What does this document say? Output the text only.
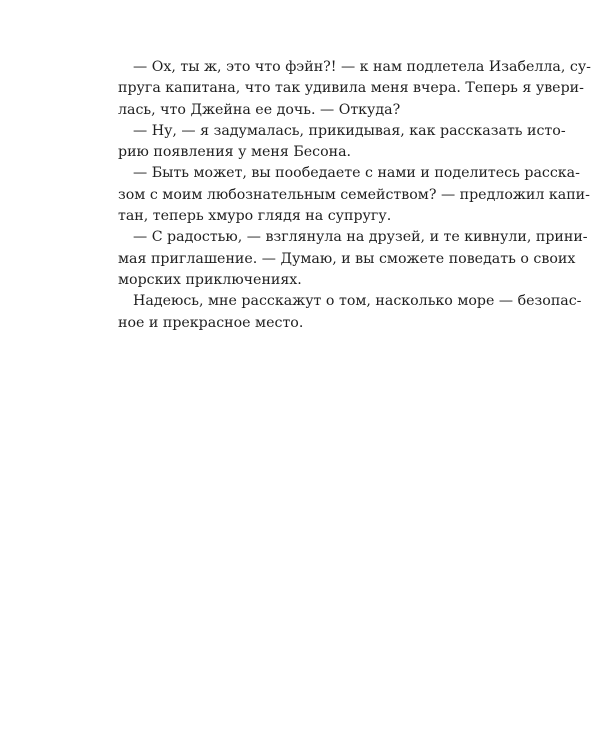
— Ох, ты ж, это что фэйн?! — к нам подлетела Изабелла, су-
пруга капитана, что так удивила меня вчера. Теперь я увери-
лась, что Джейна ее дочь. — Откуда?
— Ну, — я задумалась, прикидывая, как рассказать исто-
рию появления у меня Бесона.
— Быть может, вы пообедаете с нами и поделитесь расска-
зом с моим любознательным семейством? — предложил капи-
тан, теперь хмуро глядя на супругу.
— С радостью, — взглянула на друзей, и те кивнули, прини-
мая приглашение. — Думаю, и вы сможете поведать о своих
морских приключениях.
Надеюсь, мне расскажут о том, насколько море — безопас-
ное и прекрасное место.
